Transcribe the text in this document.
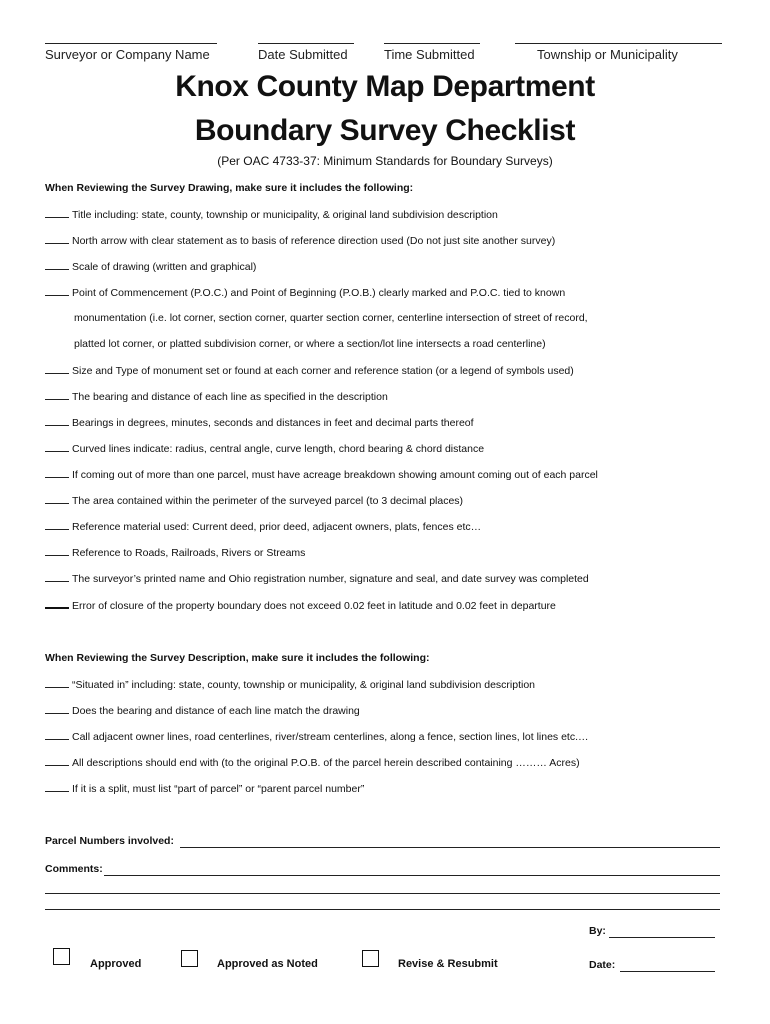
Surveyor or Company Name	Date Submitted	Time Submitted	Township or Municipality
Knox County Map Department
Boundary Survey Checklist
(Per OAC 4733-37: Minimum Standards for Boundary Surveys)
When Reviewing the Survey Drawing, make sure it includes the following:
Title including: state, county, township or municipality, & original land subdivision description
North arrow with clear statement as to basis of reference direction used (Do not just site another survey)
Scale of drawing (written and graphical)
Point of Commencement (P.O.C.) and Point of Beginning (P.O.B.) clearly marked and P.O.C. tied to known
monumentation (i.e. lot corner, section corner, quarter section corner, centerline intersection of street of record,
platted lot corner, or platted subdivision corner, or where a section/lot line intersects a road centerline)
Size and Type of monument set or found at each corner and reference station (or a legend of symbols used)
The bearing and distance of each line as specified in the description
Bearings in degrees, minutes, seconds and distances in feet and decimal parts thereof
Curved lines indicate: radius, central angle, curve length, chord bearing & chord distance
If coming out of more than one parcel, must have acreage breakdown showing amount coming out of each parcel
The area contained within the perimeter of the surveyed parcel (to 3 decimal places)
Reference material used: Current deed, prior deed, adjacent owners, plats, fences etc…
Reference to Roads, Railroads, Rivers or Streams
The surveyor’s printed name and Ohio registration number, signature and seal, and date survey was completed
Error of closure of the property boundary does not exceed 0.02 feet in latitude and 0.02 feet in departure
When Reviewing the Survey Description, make sure it includes the following:
“Situated in” including: state, county, township or municipality, & original land subdivision description
Does the bearing and distance of each line match the drawing
Call adjacent owner lines, road centerlines, river/stream centerlines, along a fence, section lines, lot lines etc.…
All descriptions should end with (to the original P.O.B. of the parcel herein described containing ……… Acres)
If it is a split, must list “part of parcel” or “parent parcel number”
Parcel Numbers involved:
Comments:
By:
Approved	Approved as Noted	Revise & Resubmit	Date:
